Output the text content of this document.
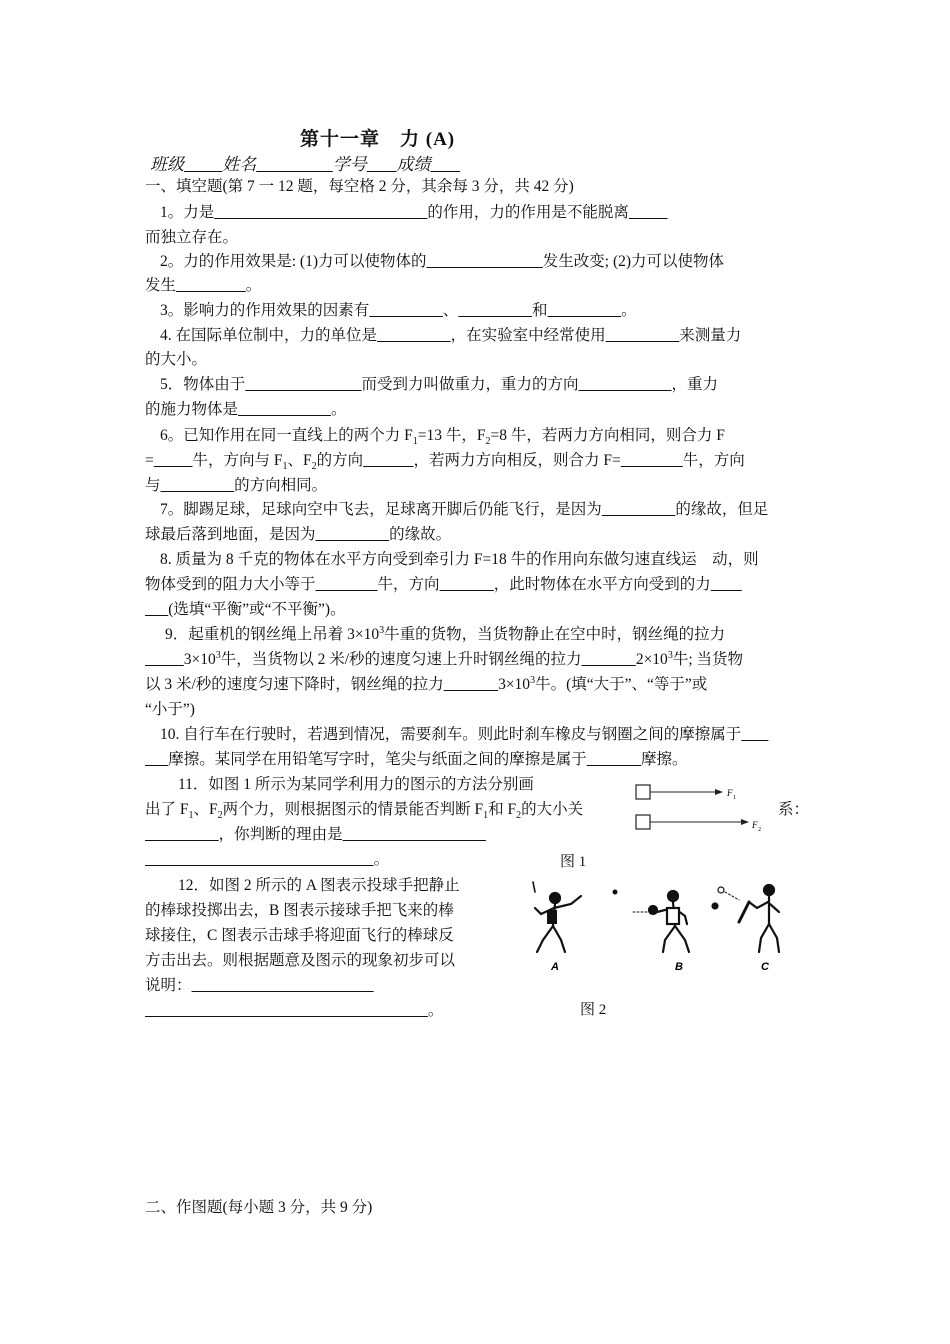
第十一章　力 (A)
班级 姓名	学号 成绩
一、填空题(第 7 一 12 题，每空格 2 分，其余每 3 分，共 42 分)
1。力是	的作用，力的作用是不能脱离
而独立存在。
2。力的作用效果是: (1)力可以使物体的	发生改变; (2)力可以使物体
发生	。
3。影响力的作用效果的因素有	、	和	。
4. 在国际单位制中，力的单位是	，在实验室中经常使用	来测量力
的大小。
5．物体由于	而受到力叫做重力，重力的方向	，重力
的施力物体是	。
6。已知作用在同一直线上的两个力 $F_1=13$ 牛，$F_2=8$ 牛，若两力方向相同，则合力 F
=	牛，方向与 $F_1$、$F_2$的方向	，若两力方向相反，则合力 F=	牛，方向
与	的方向相同。
7。脚踢足球，足球向空中飞去，足球离开脚后仍能飞行，是因为	的缘故，但足
球最后落到地面，是因为	的缘故。
8. 质量为 8 千克的物体在水平方向受到牵引力 F=18 牛的作用向东做匀速直线运　动，则
物体受到的阻力大小等于	牛，方向	，此时物体在水平方向受到的力
(选填“平衡”或“不平衡”)。
9．起重机的钢丝绳上吊着 $3\times 10^3$牛重的货物，当货物静止在空中时，钢丝绳的拉力
$3\times 10^3$牛，当货物以 2 米/秒的速度匀速上升时钢丝绳的拉力	$2\times 10^3$牛; 当货物
以 3 米/秒的速度匀速下降时，钢丝绳的拉力	$3\times 10^3$牛。(填“大于”、“等于”或
“小于”)
10. 自行车在行驶时，若遇到情况，需要刹车。则此时刹车橡皮与钢圈之间的摩擦属于
摩擦。某同学在用铅笔写字时，笔尖与纸面之间的摩擦是属于	摩擦。
11．如图 1 所示为某同学利用力的图示的方法分别画
出了 $F_1$、$F_2$两个力，则根据图示的情景能否判断 $F_1$和 $F_2$的大小关	系：
，你判断的理由是
。
F 1
F 2
图 1
12．如图 2 所示的 A 图表示投球手把静止
的棒球投掷出去，B 图表示接球手把飞来的棒
球接住，C 图表示击球手将迎面飞行的棒球反
方击出去。则根据题意及图示的现象初步可以
说明：
。
A	B	C
图 2
二、作图题(每小题 3 分，共 9 分)
